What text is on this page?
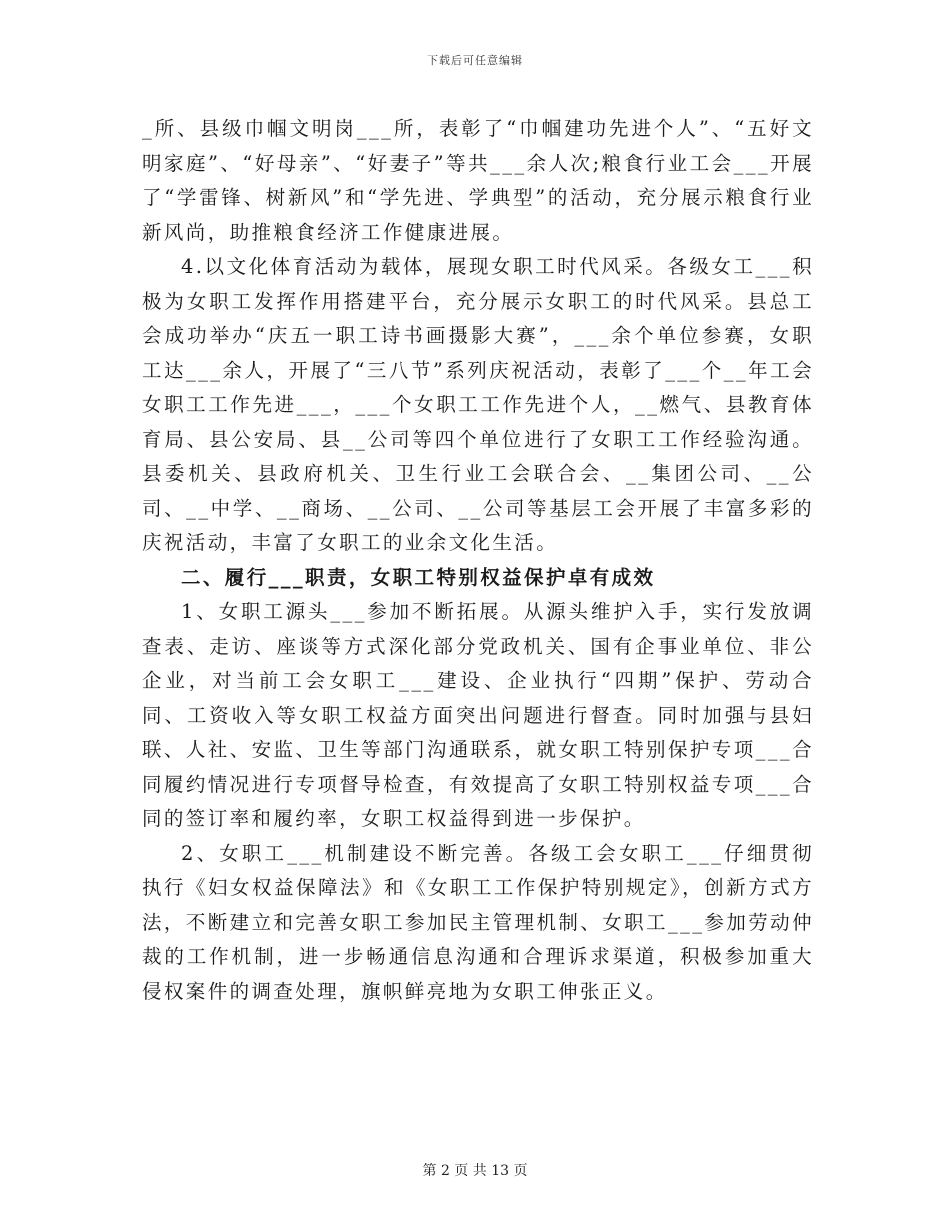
下载后可任意编辑

_所、县级巾帼文明岗___所，表彰了“巾帼建功先进个人”、“五好文明家庭”、“好母亲”、“好妻子”等共___余人次;粮食行业工会___开展了“学雷锋、树新风”和“学先进、学典型”的活动，充分展示粮食行业新风尚，助推粮食经济工作健康进展。

4.以文化体育活动为载体，展现女职工时代风采。各级女工___积极为女职工发挥作用搭建平台，充分展示女职工的时代风采。县总工会成功举办“庆五一职工诗书画摄影大赛”，___余个单位参赛，女职工达___余人，开展了“三八节”系列庆祝活动，表彰了___个__年工会女职工工作先进___，___个女职工工作先进个人，__燃气、县教育体育局、县公安局、县__公司等四个单位进行了女职工工作经验沟通。县委机关、县政府机关、卫生行业工会联合会、__集团公司、__公司、__中学、__商场、__公司、__公司等基层工会开展了丰富多彩的庆祝活动，丰富了女职工的业余文化生活。

二、履行___职责，女职工特别权益保护卓有成效

1、女职工源头___参加不断拓展。从源头维护入手，实行发放调查表、走访、座谈等方式深化部分党政机关、国有企事业单位、非公企业，对当前工会女职工___建设、企业执行“四期”保护、劳动合同、工资收入等女职工权益方面突出问题进行督查。同时加强与县妇联、人社、安监、卫生等部门沟通联系，就女职工特别保护专项___合同履约情况进行专项督导检查，有效提高了女职工特别权益专项___合同的签订率和履约率，女职工权益得到进一步保护。

2、女职工___机制建设不断完善。各级工会女职工___仔细贯彻执行《妇女权益保障法》和《女职工工作保护特别规定》，创新方式方法，不断建立和完善女职工参加民主管理机制、女职工___参加劳动仲裁的工作机制，进一步畅通信息沟通和合理诉求渠道，积极参加重大侵权案件的调查处理，旗帜鲜亮地为女职工伸张正义。

第 2 页 共 13 页
